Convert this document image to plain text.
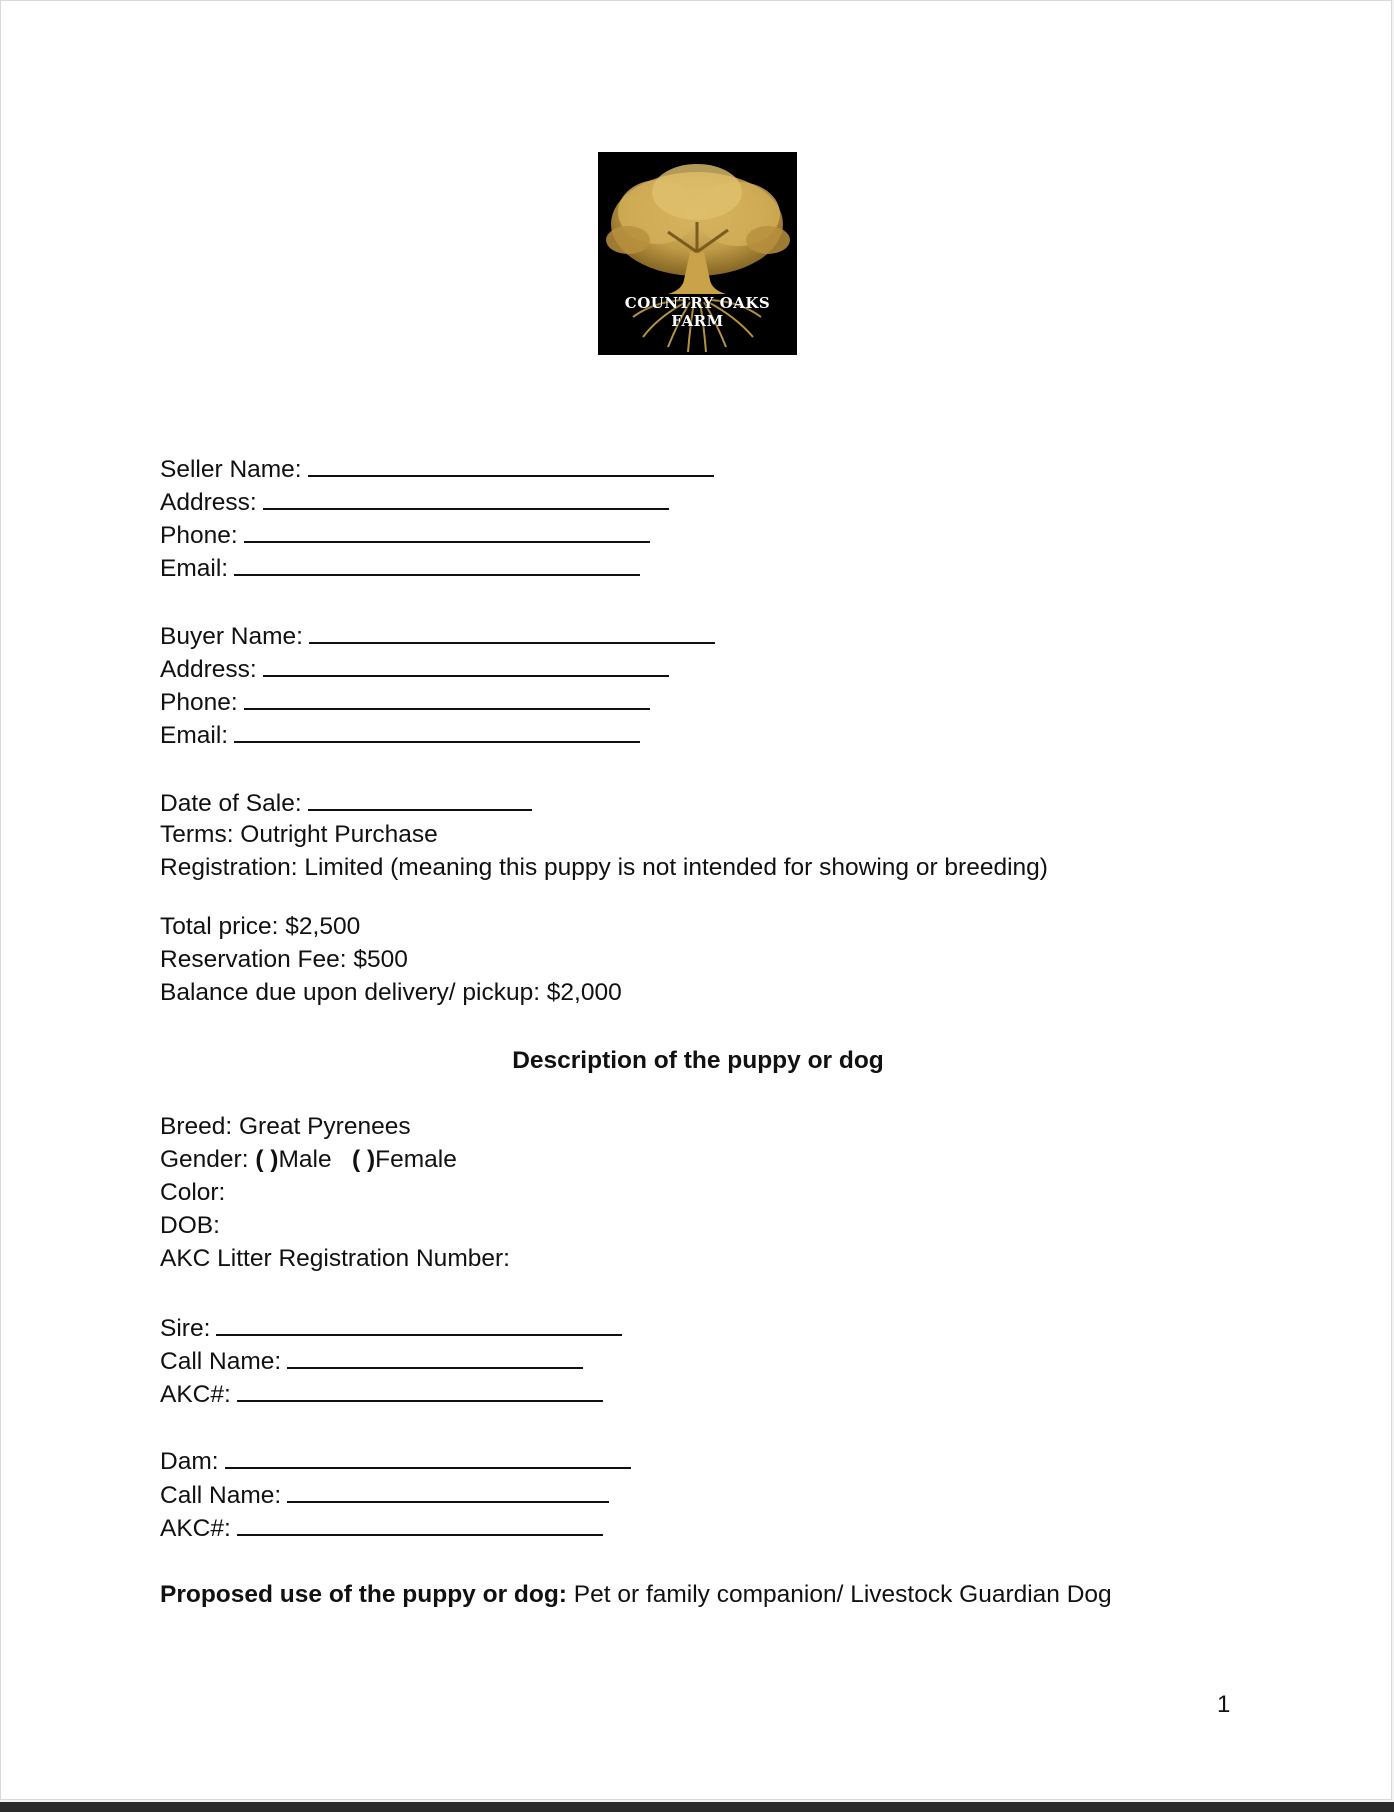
COUNTRY OAKS FARM
Seller Name:
Address:
Phone:
Email:
Buyer Name:
Address:
Phone:
Email:
Date of Sale:
Terms: Outright Purchase
Registration: Limited (meaning this puppy is not intended for showing or breeding)
Total price: $2,500
Reservation Fee: $500
Balance due upon delivery/ pickup: $2,000
Description of the puppy or dog
Breed: Great Pyrenees
Gender: ( )Male ( )Female
Color:
DOB:
AKC Litter Registration Number:
Sire:
Call Name:
AKC#:
Dam:
Call Name:
AKC#:
Proposed use of the puppy or dog: Pet or family companion/ Livestock Guardian Dog
1
